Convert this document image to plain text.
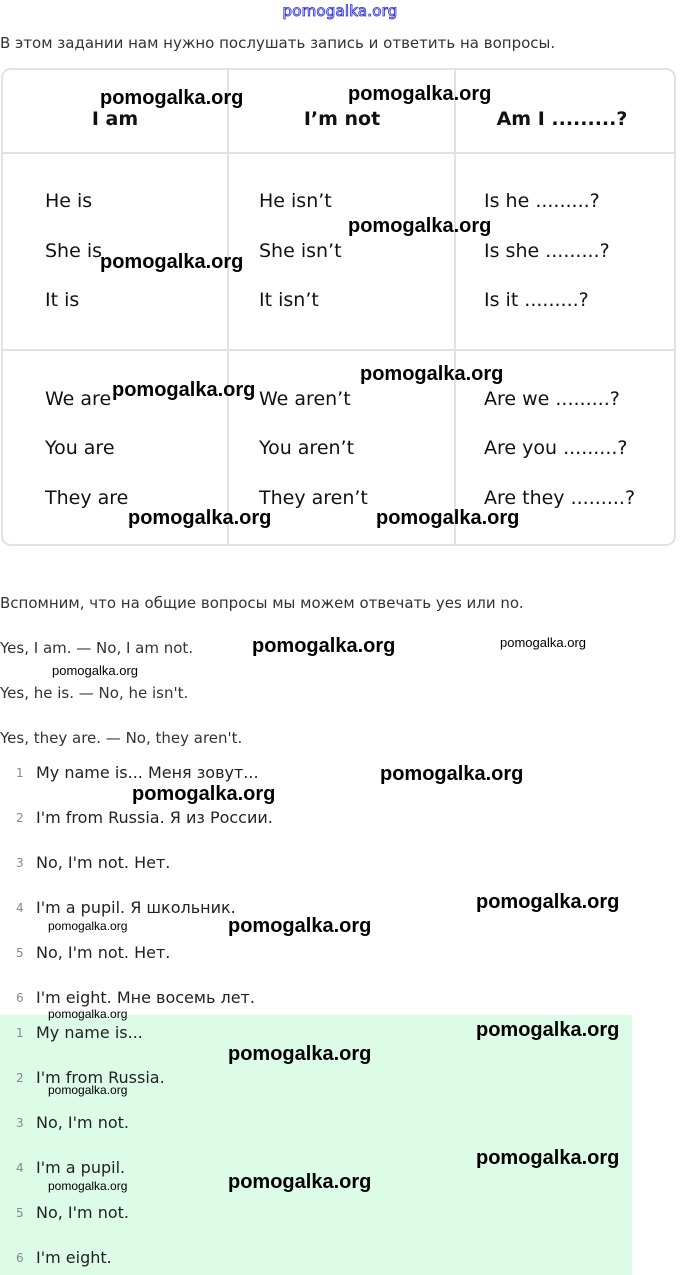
pomogalka.org
В этом задании нам нужно послушать запись и ответить на вопросы.
I am	I’m not	Am I .........?
He is	He isn’t	Is he .........?
She is	She isn’t	Is she .........?
It is	It isn’t	Is it .........?
We are	We aren’t	Are we .........?
You are	You aren’t	Are you .........?
They are	They aren’t	Are they .........?
Вспомним, что на общие вопросы мы можем отвечать yes или no.
Yes, I am. — No, I am not.
Yes, he is. — No, he isn't.
Yes, they are. — No, they aren't.
1 My name is... Меня зовут...
2 I'm from Russia. Я из России.
3 No, I'm not. Нет.
4 I'm a pupil. Я школьник.
5 No, I'm not. Нет.
6 I'm eight. Мне восемь лет.
1 My name is...
2 I'm from Russia.
3 No, I'm not.
4 I'm a pupil.
5 No, I'm not.
6 I'm eight.
pomogalka.org	pomogalka.org
pomogalka.org
pomogalka.org
pomogalka.org
pomogalka.org
pomogalka.org	pomogalka.org
pomogalka.org	pomogalka.org
pomogalka.org
pomogalka.org
pomogalka.org
pomogalka.org
pomogalka.org	pomogalka.org
pomogalka.org
pomogalka.org
pomogalka.org
pomogalka.org
pomogalka.org
pomogalka.org
pomogalka.org
